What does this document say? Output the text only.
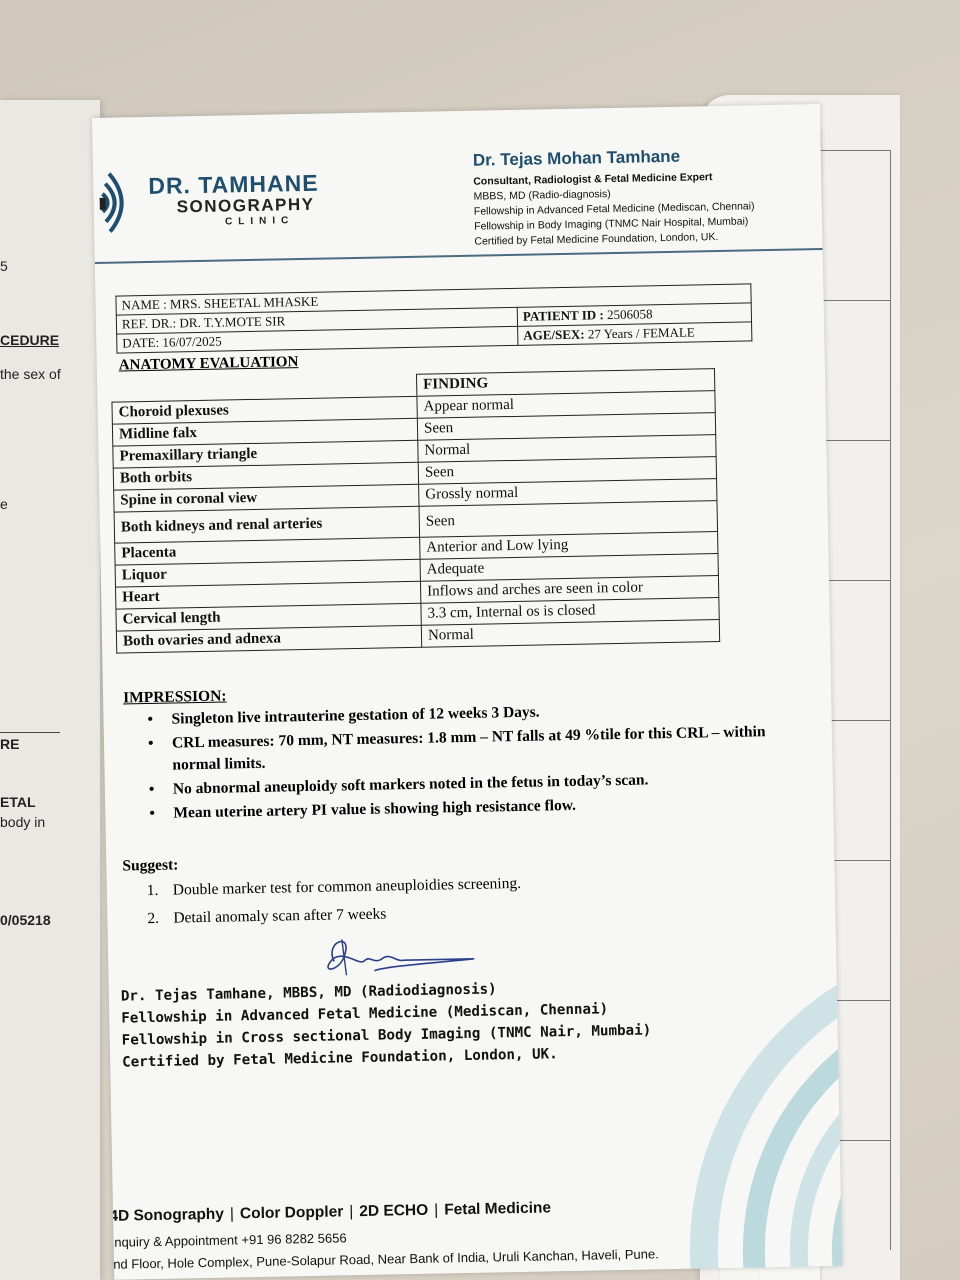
5
CEDURE
the sex of
e
RE
ETAL
body in
0/05218
DR. TAMHANE
SONOGRAPHY
CLINIC
Dr. Tejas Mohan Tamhane
Consultant, Radiologist & Fetal Medicine Expert
MBBS, MD (Radio-diagnosis)
Fellowship in Advanced Fetal Medicine (Mediscan, Chennai)
Fellowship in Body Imaging (TNMC Nair Hospital, Mumbai)
Certified by Fetal Medicine Foundation, London, UK.
NAME : MRS. SHEETAL MHASKE	
REF. DR.: DR. T.Y.MOTE SIR	PATIENT ID : 2506058
DATE: 16/07/2025	AGE/SEX: 27 Years / FEMALE
ANATOMY EVALUATION
	FINDING
Choroid plexuses	Appear normal
Midline falx	Seen
Premaxillary triangle	Normal
Both orbits	Seen
Spine in coronal view	Grossly normal
Both kidneys and renal arteries	Seen
Placenta	Anterior and Low lying
Liquor	Adequate
Heart	Inflows and arches are seen in color
Cervical length	3.3 cm, Internal os is closed
Both ovaries and adnexa	Normal
IMPRESSION:
• Singleton live intrauterine gestation of 12 weeks 3 Days.
• CRL measures: 70 mm, NT measures: 1.8 mm – NT falls at 49 %tile for this CRL – within normal limits.
• No abnormal aneuploidy soft markers noted in the fetus in today’s scan.
• Mean uterine artery PI value is showing high resistance flow.
Suggest:
1. Double marker test for common aneuploidies screening.
2. Detail anomaly scan after 7 weeks
Dr. Tejas Tamhane, MBBS, MD (Radiodiagnosis)
Fellowship in Advanced Fetal Medicine (Mediscan, Chennai)
Fellowship in Cross sectional Body Imaging (TNMC Nair, Mumbai)
Certified by Fetal Medicine Foundation, London, UK.
/4D Sonography | Color Doppler | 2D ECHO | Fetal Medicine
Enquiry & Appointment +91 96 8282 5656
und Floor, Hole Complex, Pune-Solapur Road, Near Bank of India, Uruli Kanchan, Haveli, Pune.
